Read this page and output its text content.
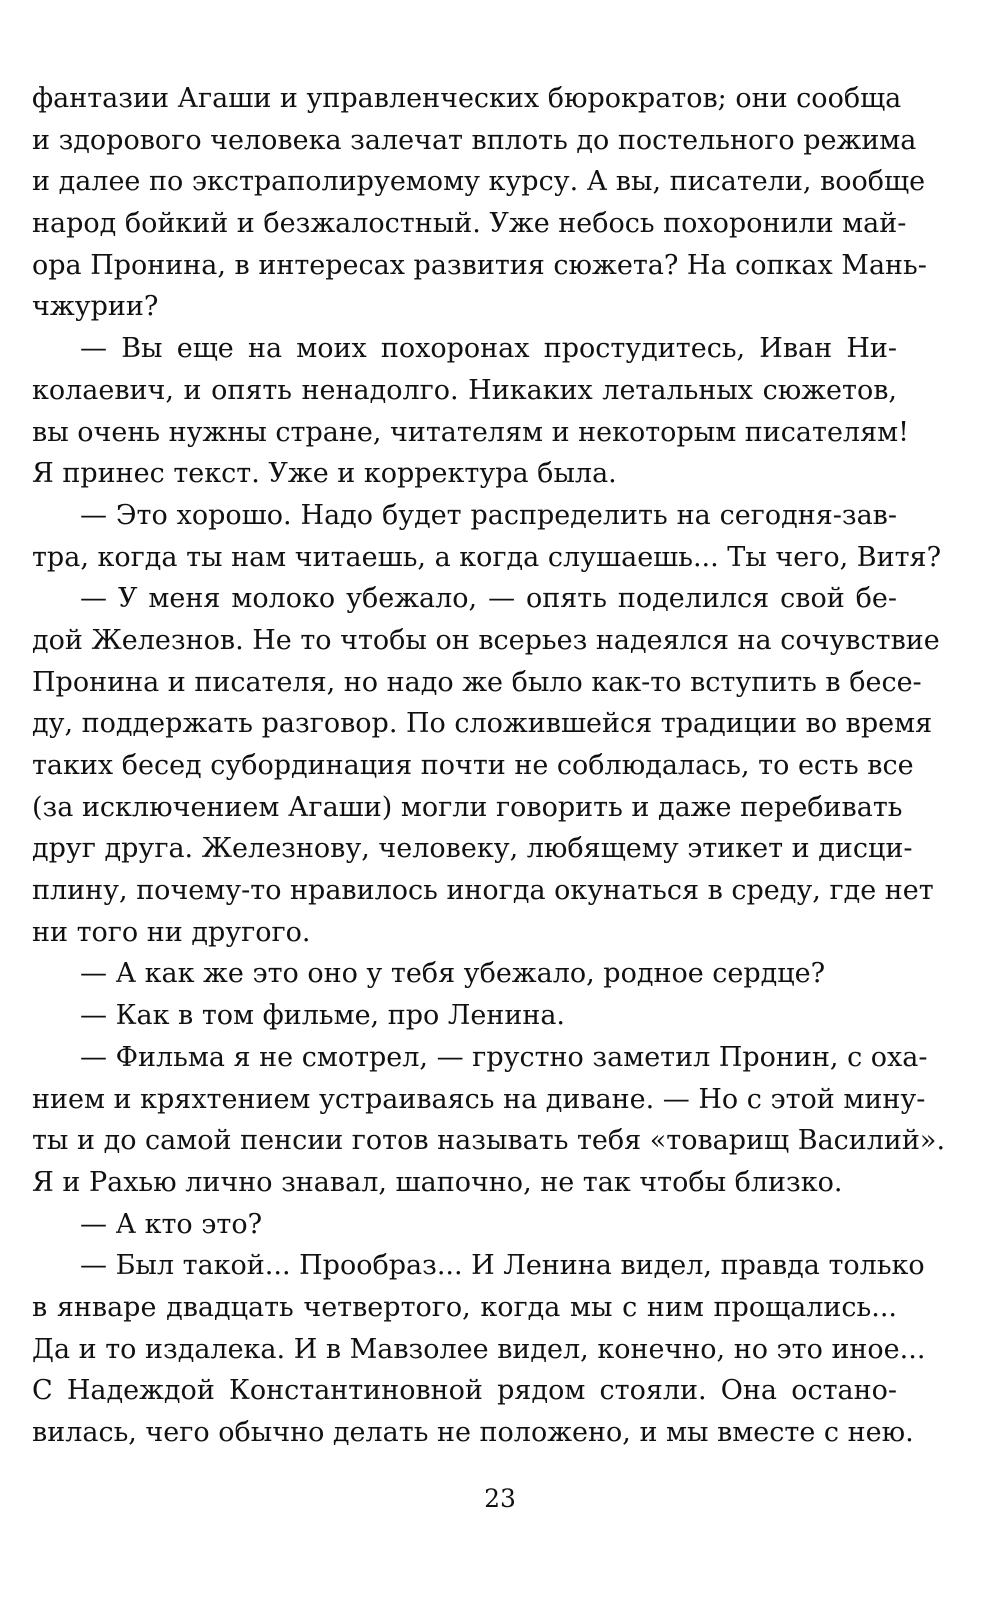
фантазии Агаши и управленческих бюрократов; они сообща
и здорового человека залечат вплоть до постельного режима
и далее по экстраполируемому курсу. А вы, писатели, вообще
народ бойкий и безжалостный. Уже небось похоронили май-
ора Пронина, в интересах развития сюжета? На сопках Мань-
чжурии?
— Вы еще на моих похоронах простудитесь, Иван Ни-
колаевич, и опять ненадолго. Никаких летальных сюжетов,
вы очень нужны стране, читателям и некоторым писателям!
Я принес текст. Уже и корректура была.
— Это хорошо. Надо будет распределить на сегодня-зав-
тра, когда ты нам читаешь, а когда слушаешь... Ты чего, Витя?
— У меня молоко убежало, — опять поделился свой бе-
дой Железнов. Не то чтобы он всерьез надеялся на сочувствие
Пронина и писателя, но надо же было как-то вступить в бесе-
ду, поддержать разговор. По сложившейся традиции во время
таких бесед субординация почти не соблюдалась, то есть все
(за исключением Агаши) могли говорить и даже перебивать
друг друга. Железнову, человеку, любящему этикет и дисци-
плину, почему-то нравилось иногда окунаться в среду, где нет
ни того ни другого.
— А как же это оно у тебя убежало, родное сердце?
— Как в том фильме, про Ленина.
— Фильма я не смотрел, — грустно заметил Пронин, с оха-
нием и кряхтением устраиваясь на диване. — Но с этой мину-
ты и до самой пенсии готов называть тебя «товарищ Василий».
Я и Рахью лично знавал, шапочно, не так чтобы близко.
— А кто это?
— Был такой... Прообраз... И Ленина видел, правда только
в январе двадцать четвертого, когда мы с ним прощались...
Да и то издалека. И в Мавзолее видел, конечно, но это иное...
С Надеждой Константиновной рядом стояли. Она остано-
вилась, чего обычно делать не положено, и мы вместе с нею.
23
